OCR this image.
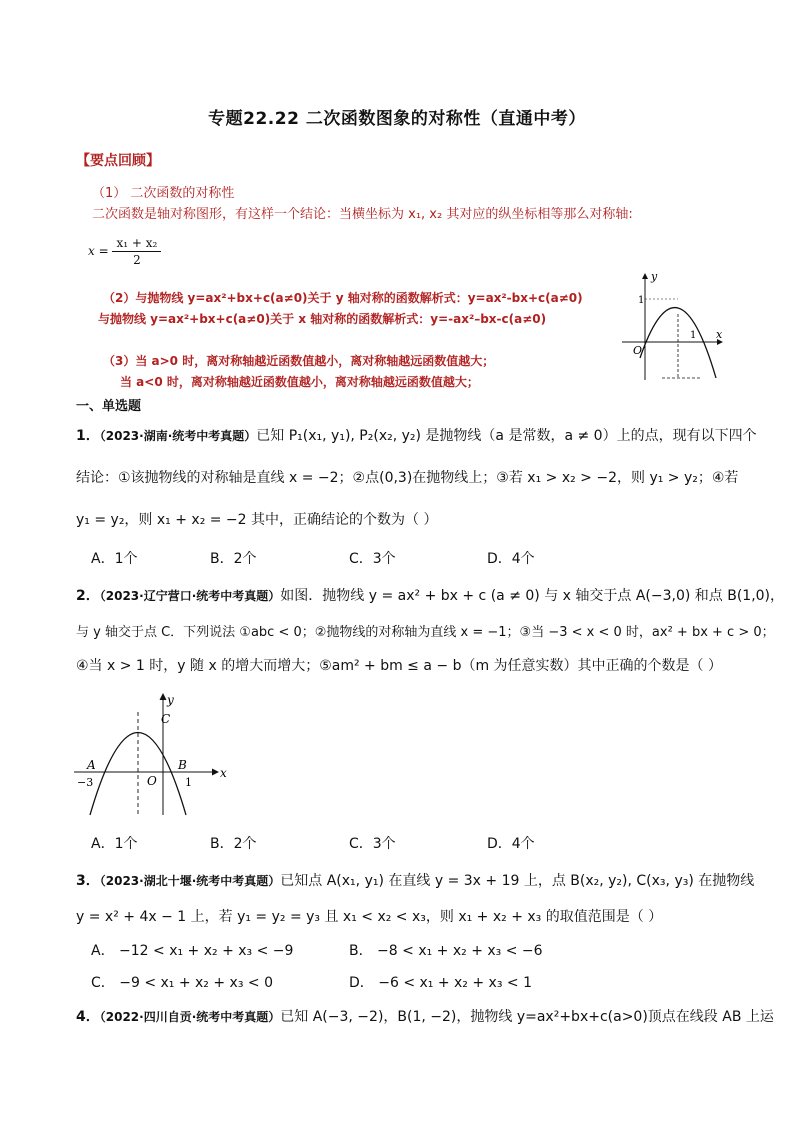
专题22.22 二次函数图象的对称性（直通中考）
【要点回顾】
（1） 二次函数的对称性
二次函数是轴对称图形，有这样一个结论：当横坐标为 x₁, x₂ 其对应的纵坐标相等那么对称轴:
$x = \frac{\text{x₁ + x₂}}{2}$
（2）与抛物线 y=ax²+bx+c(a≠0)关于 y 轴对称的函数解析式：y=ax²-bx+c(a≠0)
与抛物线 y=ax²+bx+c(a≠0)关于 x 轴对称的函数解析式：y=-ax²–bx-c(a≠0)
（3）当 a>0 时，离对称轴越近函数值越小，离对称轴越远函数值越大；
当 a<0 时，离对称轴越近函数值越小，离对称轴越远函数值越大；
y
x
O
1
1
一、单选题
1．（2023·湖南·统考中考真题）已知 P₁(x₁, y₁), P₂(x₂, y₂) 是抛物线（a 是常数，a ≠ 0）上的点，现有以下四个
结论：①该抛物线的对称轴是直线 x = −2；②点(0,3)在抛物线上；③若 x₁ > x₂ > −2，则 y₁ > y₂；④若
y₁ = y₂，则 x₁ + x₂ = −2 其中，正确结论的个数为（ ）
A．1个	B．2个	C．3个	D．4个
2．（2023·辽宁营口·统考中考真题）如图．抛物线 y = ax² + bx + c (a ≠ 0) 与 x 轴交于点 A(−3,0) 和点 B(1,0)，
与 y 轴交于点 C．下列说法 ①abc < 0；②抛物线的对称轴为直线 x = −1；③当 −3 < x < 0 时，ax² + bx + c > 0；
④当 x > 1 时，y 随 x 的增大而增大；⑤am² + bm ≤ a − b（m 为任意实数）其中正确的个数是（ ）
y
x
O
A	B
C
−3	1
A．1个	B．2个	C．3个	D．4个
3．（2023·湖北十堰·统考中考真题）已知点 A(x₁, y₁) 在直线 y = 3x + 19 上，点 B(x₂, y₂), C(x₃, y₃) 在抛物线
y = x² + 4x − 1 上，若 y₁ = y₂ = y₃ 且 x₁ < x₂ < x₃，则 x₁ + x₂ + x₃ 的取值范围是（ ）
A． −12 < x₁ + x₂ + x₃ < −9	B． −8 < x₁ + x₂ + x₃ < −6
C． −9 < x₁ + x₂ + x₃ < 0	D． −6 < x₁ + x₂ + x₃ < 1
4．（2022·四川自贡·统考中考真题）已知 A(−3, −2)，B(1, −2)，抛物线 y=ax²+bx+c(a>0)顶点在线段 AB 上运
